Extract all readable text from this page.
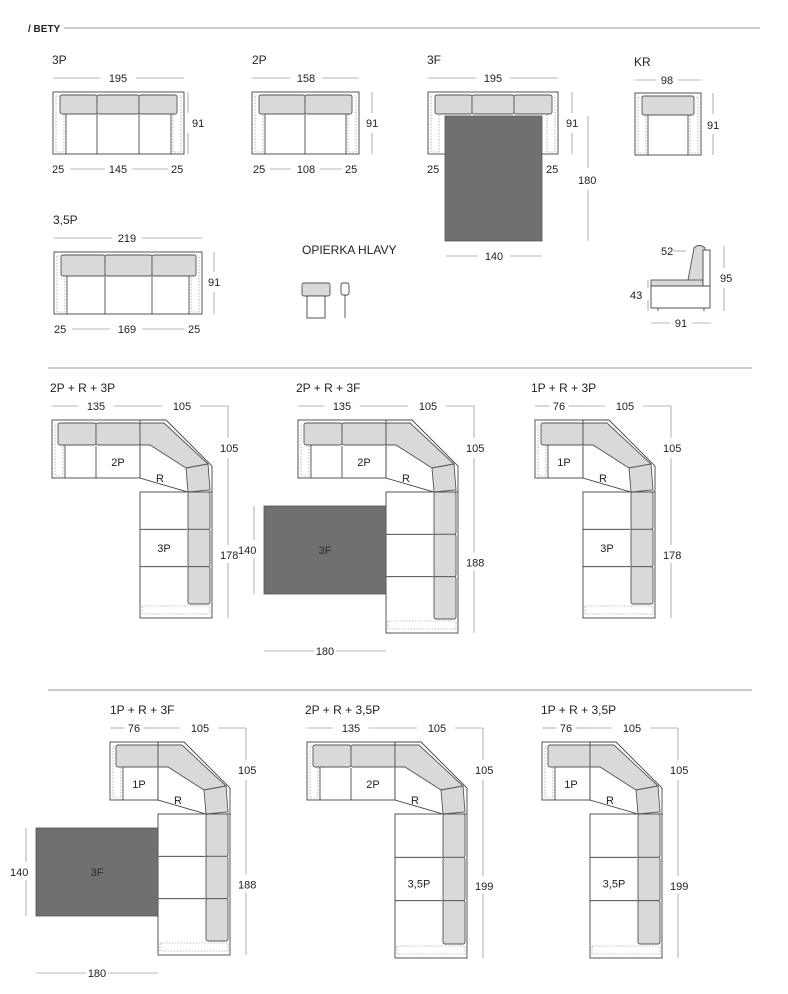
/ BETY
3P
195
91
25	145	25
2P
158
91
25	108	25
3F
195
91
180
25	25
140
KR
98
91
3,5P
219
91
25	169	25
OPIERKA HLAVY	52
43
95
91
2P + R + 3P
135	105
105
178
2P
R
3P
2P + R + 3F
135	105
105
188
2P
R
3F
140
180
1P + R + 3P
76	105
105
178
1P
R
3P
1P + R + 3F
76	105
105
188
1P
R
3F
140
180
2P + R + 3,5P
135	105
105
199
2P
R
3,5P
1P + R + 3,5P
76	105
105
199
1P
R
3,5P
